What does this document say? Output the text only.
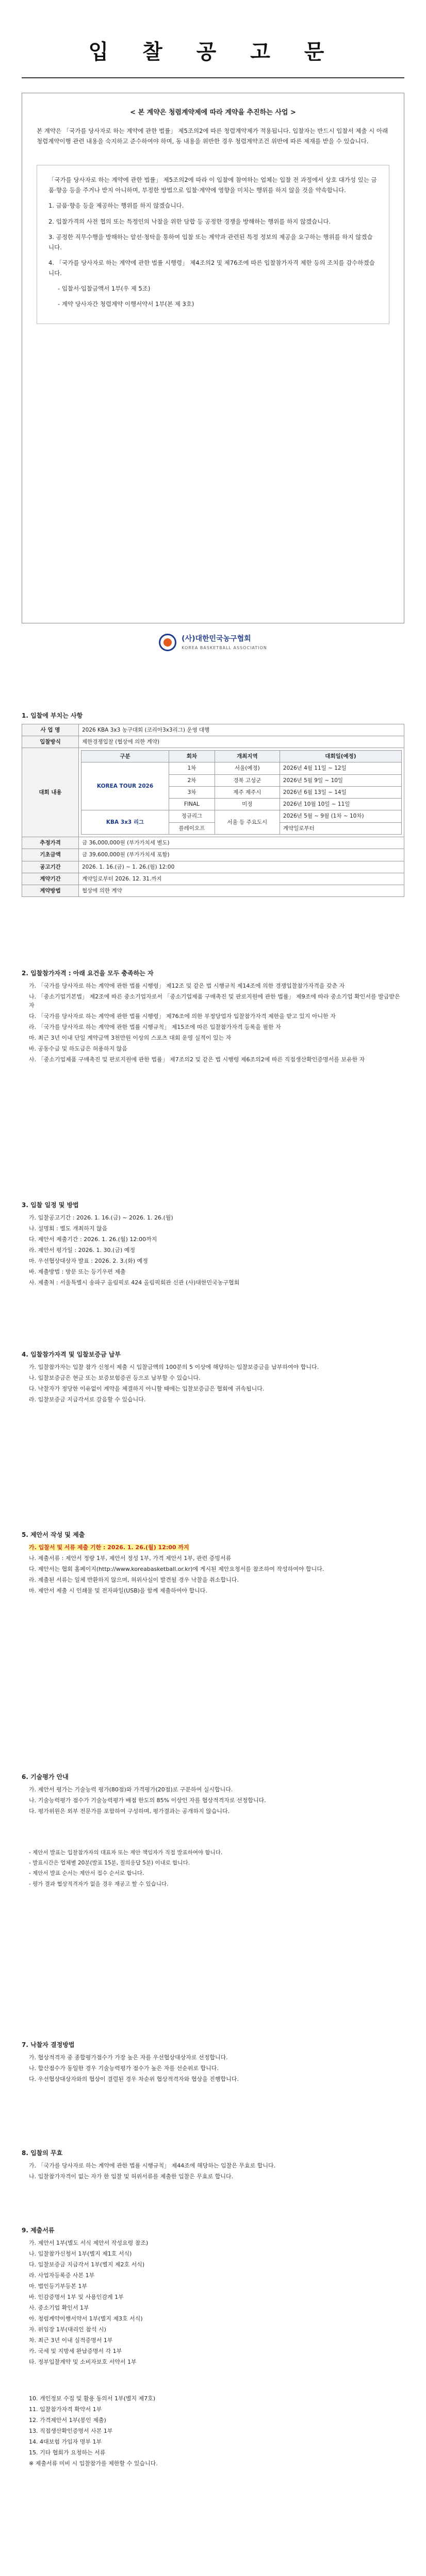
입 찰 공 고 문
< 본 계약은 청렴계약제에 따라 계약을 추진하는 사업 >
본 계약은 「국가를 당사자로 하는 계약에 관한 법률」 제5조의2에 따른 청렴계약제가 적용됩니다. 입찰자는 반드시 입찰서 제출 시 아래 청렴계약이행 관련 내용을 숙지하고 준수하여야 하며, 동 내용을 위반한 경우 청렴계약조건 위반에 따른 제재를 받을 수 있습니다.

「국가를 당사자로 하는 계약에 관한 법률」 제5조의2에 따라 이 입찰에 참여하는 업체는 입찰 전 과정에서 상호 대가성 있는 금품·향응 등을 주거나 받지 아니하며, 부정한 방법으로 입찰·계약에 영향을 미치는 행위를 하지 않을 것을 약속합니다.

1. 금품·향응 등을 제공하는 행위를 하지 않겠습니다.

2. 입찰가격의 사전 협의 또는 특정인의 낙찰을 위한 담합 등 공정한 경쟁을 방해하는 행위를 하지 않겠습니다.

3. 공정한 직무수행을 방해하는 알선·청탁을 통하여 입찰 또는 계약과 관련된 특정 정보의 제공을 요구하는 행위를 하지 않겠습니다.

4. 「국가를 당사자로 하는 계약에 관한 법률 시행령」 제4조의2 및 제76조에 따른 입찰참가자격 제한 등의 조치를 감수하겠습니다.

- 입찰서·입찰금액서 1부(우 제 5조)

- 계약 당사자간 청렴계약 이행서약서 1부(본 제 3호)

(사)대한민국농구협회
KOREA BASKETBALL ASSOCIATION
1. 입찰에 부치는 사항
사 업 명	2026 KBA 3x3 농구대회 (코리아3x3리그) 운영 대행
입찰방식	제한경쟁입찰 (협상에 의한 계약)
대회 내용	
구분	회차	개최지역	대회일(예정)
KOREA TOUR 2026	1차	서울(예정)	2026년 4월 11일 ~ 12일
2차	경북 고성군	2026년 5월 9일 ~ 10일
3차	제주 제주시	2026년 6월 13일 ~ 14일
FINAL	미정	2026년 10월 10일 ~ 11일
KBA 3x3 리그	정규리그	서울 등 주요도시	2026년 5월 ~ 9월 (1차 ~ 10차)
플레이오프	계약일로부터

추정가격	금 36,000,000원 (부가가치세 별도)
기초금액	금 39,600,000원 (부가가치세 포함)
공고기간	2026. 1. 16.(금) ~ 1. 26.(월) 12:00
계약기간	계약일로부터 2026. 12. 31.까지
계약방법	협상에 의한 계약
2. 입찰참가자격 : 아래 요건을 모두 충족하는 자

가. 「국가를 당사자로 하는 계약에 관한 법률 시행령」 제12조 및 같은 법 시행규칙 제14조에 의한 경쟁입찰참가자격을 갖춘 자

나. 「중소기업기본법」 제2조에 따른 중소기업자로서 「중소기업제품 구매촉진 및 판로지원에 관한 법률」 제9조에 따라 중소기업 확인서를 발급받은 자

다. 「국가를 당사자로 하는 계약에 관한 법률 시행령」 제76조에 의한 부정당업자 입찰참가자격 제한을 받고 있지 아니한 자

라. 「국가를 당사자로 하는 계약에 관한 법률 시행규칙」 제15조에 따른 입찰참가자격 등록을 필한 자

마. 최근 3년 이내 단일 계약금액 3천만원 이상의 스포츠 대회 운영 실적이 있는 자

바. 공동수급 및 하도급은 허용하지 않음

사. 「중소기업제품 구매촉진 및 판로지원에 관한 법률」 제7조의2 및 같은 법 시행령 제6조의2에 따른 직접생산확인증명서를 보유한 자

3. 입찰 일정 및 방법

가. 입찰공고기간 : 2026. 1. 16.(금) ~ 2026. 1. 26.(월)

나. 설명회 : 별도 개최하지 않음

다. 제안서 제출기간 : 2026. 1. 26.(월) 12:00까지

라. 제안서 평가일 : 2026. 1. 30.(금) 예정

마. 우선협상대상자 발표 : 2026. 2. 3.(화) 예정

바. 제출방법 : 방문 또는 등기우편 제출

사. 제출처 : 서울특별시 송파구 올림픽로 424 올림픽회관 신관 (사)대한민국농구협회

4. 입찰참가자격 및 입찰보증금 납부

가. 입찰참가자는 입찰 참가 신청서 제출 시 입찰금액의 100분의 5 이상에 해당하는 입찰보증금을 납부하여야 합니다.

나. 입찰보증금은 현금 또는 보증보험증권 등으로 납부할 수 있습니다.

다. 낙찰자가 정당한 이유없이 계약을 체결하지 아니할 때에는 입찰보증금은 협회에 귀속됩니다.

라. 입찰보증금 지급각서로 갈음할 수 있습니다.

5. 제안서 작성 및 제출

가. 입찰서 및 서류 제출 기한 : 2026. 1. 26.(월) 12:00 까지

나. 제출서류 : 제안서 정량 1부, 제안서 정성 1부, 가격 제안서 1부, 관련 증빙서류

다. 제안서는 협회 홈페이지(http://www.koreabasketball.or.kr)에 게시된 제안요청서를 참조하여 작성하여야 합니다.

라. 제출된 서류는 일체 반환하지 않으며, 허위사실이 발견될 경우 낙찰을 취소합니다.

마. 제안서 제출 시 인쇄물 및 전자파일(USB)을 함께 제출하여야 합니다.

6. 기술평가 안내

가. 제안서 평가는 기술능력 평가(80점)와 가격평가(20점)로 구분하여 실시합니다.

나. 기술능력평가 점수가 기술능력평가 배점 한도의 85% 이상인 자를 협상적격자로 선정합니다.

다. 평가위원은 외부 전문가를 포함하여 구성하며, 평가결과는 공개하지 않습니다.

- 제안서 발표는 입찰참가자의 대표자 또는 제안 책임자가 직접 발표하여야 합니다.

- 발표시간은 업체별 20분(발표 15분, 질의응답 5분) 이내로 합니다.

- 제안서 발표 순서는 제안서 접수 순서로 합니다.

- 평가 결과 협상적격자가 없을 경우 재공고 할 수 있습니다.

7. 낙찰자 결정방법

가. 협상적격자 중 종합평가점수가 가장 높은 자를 우선협상대상자로 선정합니다.

나. 합산점수가 동일한 경우 기술능력평가 점수가 높은 자를 선순위로 합니다.

다. 우선협상대상자와의 협상이 결렬된 경우 차순위 협상적격자와 협상을 진행합니다.

8. 입찰의 무효

가. 「국가를 당사자로 하는 계약에 관한 법률 시행규칙」 제44조에 해당하는 입찰은 무효로 합니다.

나. 입찰참가자격이 없는 자가 한 입찰 및 허위서류를 제출한 입찰은 무효로 합니다.

9. 제출서류

가. 제안서 1부(별도 서식 제안서 작성요령 참조)

나. 입찰참가신청서 1부(별지 제1호 서식)

다. 입찰보증금 지급각서 1부(별지 제2호 서식)

라. 사업자등록증 사본 1부

마. 법인등기부등본 1부

바. 인감증명서 1부 및 사용인감계 1부

사. 중소기업 확인서 1부

아. 청렴계약이행서약서 1부(별지 제3호 서식)

자. 위임장 1부(대리인 참석 시)

차. 최근 3년 이내 실적증명서 1부

카. 국세 및 지방세 완납증명서 각 1부

타. 정부입찰계약 및 소비자보호 서약서 1부

10. 개인정보 수집 및 활용 동의서 1부(별지 제7호)

11. 입찰참가자격 확약서 1부

12. 가격제안서 1부(봉인 제출)

13. 직접생산확인증명서 사본 1부

14. 4대보험 가입자 명부 1부

15. 기타 협회가 요청하는 서류

※ 제출서류 미비 시 입찰참가를 제한할 수 있습니다.
